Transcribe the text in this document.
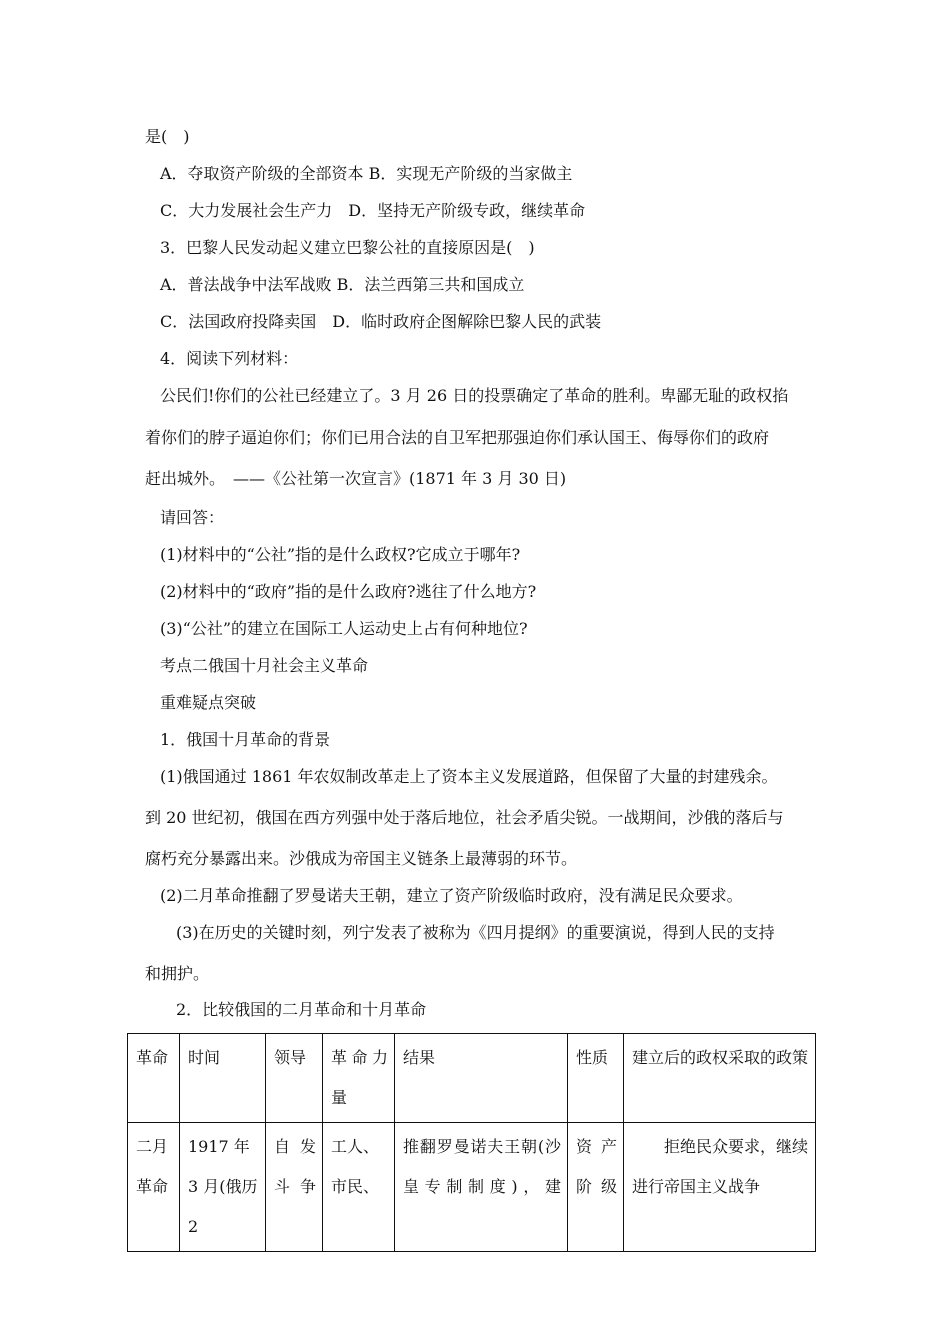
是(　)
A．夺取资产阶级的全部资本 B．实现无产阶级的当家做主
C．大力发展社会生产力　D．坚持无产阶级专政，继续革命
3．巴黎人民发动起义建立巴黎公社的直接原因是(　)
A．普法战争中法军战败 B．法兰西第三共和国成立
C．法国政府投降卖国　D．临时政府企图解除巴黎人民的武装
4．阅读下列材料：
公民们!你们的公社已经建立了。3 月 26 日的投票确定了革命的胜利。卑鄙无耻的政权掐
着你们的脖子逼迫你们；你们已用合法的自卫军把那强迫你们承认国王、侮辱你们的政府
赶出城外。　——《公社第一次宣言》(1871 年 3 月 30 日)
请回答：
(1)材料中的“公社”指的是什么政权?它成立于哪年?
(2)材料中的“政府”指的是什么政府?逃往了什么地方?
(3)“公社”的建立在国际工人运动史上占有何种地位?
考点二俄国十月社会主义革命
重难疑点突破
1．俄国十月革命的背景
(1)俄国通过 1861 年农奴制改革走上了资本主义发展道路，但保留了大量的封建残余。
到 20 世纪初，俄国在西方列强中处于落后地位，社会矛盾尖锐。一战期间，沙俄的落后与
腐朽充分暴露出来。沙俄成为帝国主义链条上最薄弱的环节。
(2)二月革命推翻了罗曼诺夫王朝，建立了资产阶级临时政府，没有满足民众要求。
(3)在历史的关键时刻，列宁发表了被称为《四月提纲》的重要演说，得到人民的支持
和拥护。
2．比较俄国的二月革命和十月革命
革命	时间	领导	革命力量	结果	性质	建立后的政权采取的政策
二月革命	1917 年 3 月(俄历 2	自发斗争	工人、市民、	推翻罗曼诺夫王朝(沙皇专制制度)，建	资产阶级	拒绝民众要求，继续进行帝国主义战争
